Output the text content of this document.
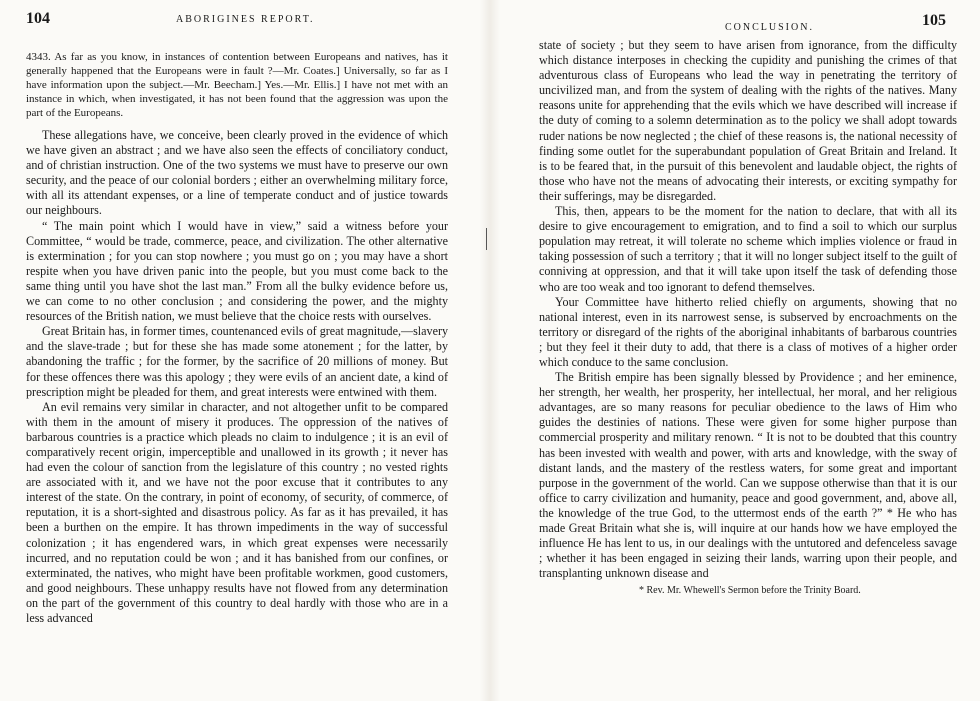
104	ABORIGINES REPORT.

4343. As far as you know, in instances of contention between Europeans and natives, has it generally happened that the Europeans were in fault ?—Mr. Coates.] Universally, so far as I have information upon the subject.—Mr. Beecham.] Yes.—Mr. Ellis.] I have not met with an instance in which, when investigated, it has not been found that the aggression was upon the part of the Europeans.

These allegations have, we conceive, been clearly proved in the evidence of which we have given an abstract ; and we have also seen the effects of conciliatory conduct, and of christian instruction. One of the two systems we must have to preserve our own security, and the peace of our colonial borders ; either an overwhelming military force, with all its attendant expenses, or a line of temperate conduct and of justice towards our neighbours.

“ The main point which I would have in view,” said a witness before your Committee, “ would be trade, commerce, peace, and civilization. The other alternative is extermination ; for you can stop nowhere ; you must go on ; you may have a short respite when you have driven panic into the people, but you must come back to the same thing until you have shot the last man.” From all the bulky evidence before us, we can come to no other conclusion ; and considering the power, and the mighty resources of the British nation, we must believe that the choice rests with ourselves.

Great Britain has, in former times, countenanced evils of great magnitude,—slavery and the slave-trade ; but for these she has made some atonement ; for the latter, by abandoning the traffic ; for the former, by the sacrifice of 20 millions of money. But for these offences there was this apology ; they were evils of an ancient date, a kind of prescription might be pleaded for them, and great interests were entwined with them.

An evil remains very similar in character, and not altogether unfit to be compared with them in the amount of misery it produces. The oppression of the natives of barbarous countries is a practice which pleads no claim to indulgence ; it is an evil of comparatively recent origin, imperceptible and unallowed in its growth ; it never has had even the colour of sanction from the legislature of this country ; no vested rights are associated with it, and we have not the poor excuse that it contributes to any interest of the state. On the contrary, in point of economy, of security, of commerce, of reputation, it is a short-sighted and disastrous policy. As far as it has prevailed, it has been a burthen on the empire. It has thrown impediments in the way of successful colonization ; it has engendered wars, in which great expenses were necessarily incurred, and no reputation could be won ; and it has banished from our confines, or exterminated, the natives, who might have been profitable workmen, good customers, and good neighbours. These unhappy results have not flowed from any determination on the part of the government of this country to deal hardly with those who are in a less advanced

CONCLUSION.	105

state of society ; but they seem to have arisen from ignorance, from the difficulty which distance interposes in checking the cupidity and punishing the crimes of that adventurous class of Europeans who lead the way in penetrating the territory of uncivilized man, and from the system of dealing with the rights of the natives. Many reasons unite for apprehending that the evils which we have described will increase if the duty of coming to a solemn determination as to the policy we shall adopt towards ruder nations be now neglected ; the chief of these reasons is, the national necessity of finding some outlet for the superabundant population of Great Britain and Ireland. It is to be feared that, in the pursuit of this benevolent and laudable object, the rights of those who have not the means of advocating their interests, or exciting sympathy for their sufferings, may be disregarded.

This, then, appears to be the moment for the nation to declare, that with all its desire to give encouragement to emigration, and to find a soil to which our surplus population may retreat, it will tolerate no scheme which implies violence or fraud in taking possession of such a territory ; that it will no longer subject itself to the guilt of conniving at oppression, and that it will take upon itself the task of defending those who are too weak and too ignorant to defend themselves.

Your Committee have hitherto relied chiefly on arguments, showing that no national interest, even in its narrowest sense, is subserved by encroachments on the territory or disregard of the rights of the aboriginal inhabitants of barbarous countries ; but they feel it their duty to add, that there is a class of motives of a higher order which conduce to the same conclusion.

The British empire has been signally blessed by Providence ; and her eminence, her strength, her wealth, her prosperity, her intellectual, her moral, and her religious advantages, are so many reasons for peculiar obedience to the laws of Him who guides the destinies of nations. These were given for some higher purpose than commercial prosperity and military renown. “ It is not to be doubted that this country has been invested with wealth and power, with arts and knowledge, with the sway of distant lands, and the mastery of the restless waters, for some great and important purpose in the government of the world. Can we suppose otherwise than that it is our office to carry civilization and humanity, peace and good government, and, above all, the knowledge of the true God, to the uttermost ends of the earth ?” * He who has made Great Britain what she is, will inquire at our hands how we have employed the influence He has lent to us, in our dealings with the untutored and defenceless savage ; whether it has been engaged in seizing their lands, warring upon their people, and transplanting unknown disease and

* Rev. Mr. Whewell's Sermon before the Trinity Board.
